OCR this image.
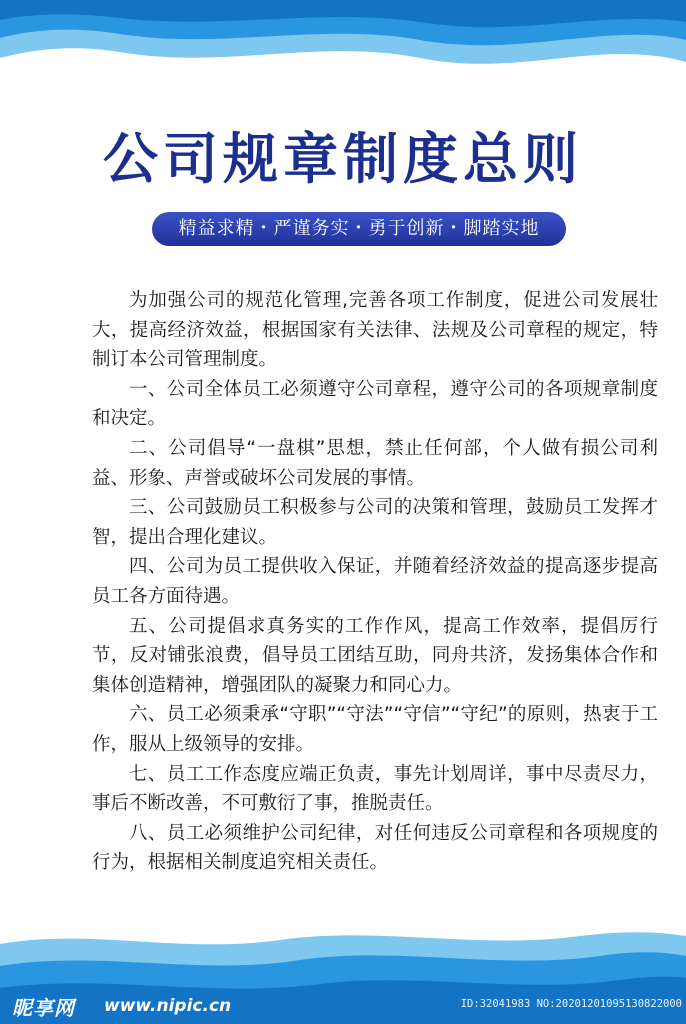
公司规章制度总则
精益求精・严谨务实・勇于创新・脚踏实地

为加强公司的规范化管理,完善各项工作制度，促进公司发展壮大，提高经济效益，根据国家有关法律、法规及公司章程的规定，特制订本公司管理制度。

一、公司全体员工必须遵守公司章程，遵守公司的各项规章制度和决定。

二、公司倡导“一盘棋”思想，禁止任何部，个人做有损公司利益、形象、声誉或破坏公司发展的事情。

三、公司鼓励员工积极参与公司的决策和管理，鼓励员工发挥才智，提出合理化建议。

四、公司为员工提供收入保证，并随着经济效益的提高逐步提高员工各方面待遇。

五、公司提倡求真务实的工作作风，提高工作效率，提倡厉行节，反对铺张浪费，倡导员工团结互助，同舟共济，发扬集体合作和集体创造精神，增强团队的凝聚力和同心力。

六、员工必须秉承“守职”“守法”“守信”“守纪”的原则，热衷于工作，服从上级领导的安排。

七、员工工作态度应端正负责，事先计划周详，事中尽责尽力，事后不断改善，不可敷衍了事，推脱责任。

八、员工必须维护公司纪律，对任何违反公司章程和各项规度的行为，根据相关制度追究相关责任。

昵享网 www.nipic.cn	ID:32041983 NO:20201201095130822000
